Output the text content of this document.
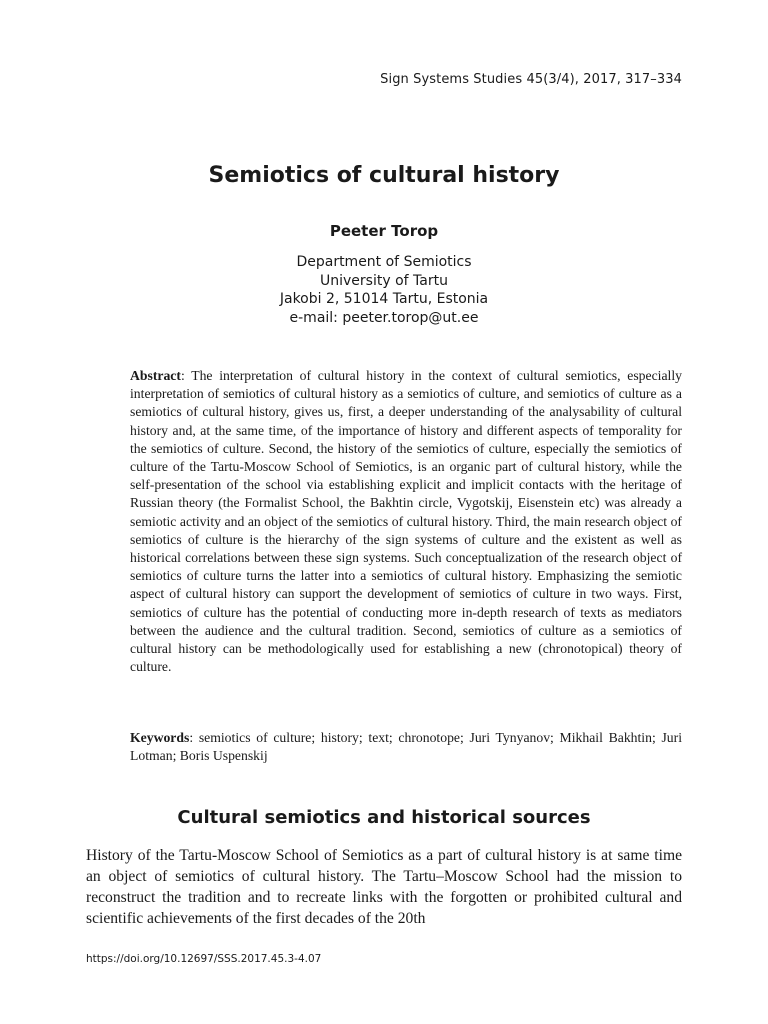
Sign Systems Studies 45(3/4), 2017, 317–334
Semiotics of cultural history
Peeter Torop
Department of Semiotics
University of Tartu
Jakobi 2, 51014 Tartu, Estonia
e-mail: peeter.torop@ut.ee

Abstract: The interpretation of cultural history in the context of cultural semiotics, especially interpretation of semiotics of cultural history as a semiotics of culture, and semiotics of culture as a semiotics of cultural history, gives us, first, a deeper understanding of the analysability of cultural history and, at the same time, of the importance of history and different aspects of temporality for the semiotics of culture. Second, the history of the semiotics of culture, especially the semiotics of culture of the Tartu-Moscow School of Semiotics, is an organic part of cultural history, while the self-presentation of the school via establishing explicit and implicit contacts with the heritage of Russian theory (the Formalist School, the Bakhtin circle, Vygotskij, Eisenstein etc) was already a semiotic activity and an object of the semiotics of cultural history. Third, the main research object of semiotics of culture is the hierarchy of the sign systems of culture and the existent as well as historical correlations between these sign systems. Such conceptualization of the research object of semiotics of culture turns the latter into a semiotics of cultural history. Emphasizing the semiotic aspect of cultural history can support the development of semiotics of culture in two ways. First, semiotics of culture has the potential of conducting more in-depth research of texts as mediators between the audience and the cultural tradition. Second, semiotics of culture as a semiotics of cultural history can be methodologically used for establishing a new (chronotopical) theory of culture.

Keywords: semiotics of culture; history; text; chronotope; Juri Tynyanov; Mikhail Bakhtin; Juri Lotman; Boris Uspenskij

Cultural semiotics and historical sources

History of the Tartu-Moscow School of Semiotics as a part of cultural history is at same time an object of semiotics of cultural history. The Tartu–Moscow School had the mission to reconstruct the tradition and to recreate links with the forgotten or prohibited cultural and scientific achievements of the first decades of the 20th

https://doi.org/10.12697/SSS.2017.45.3-4.07
